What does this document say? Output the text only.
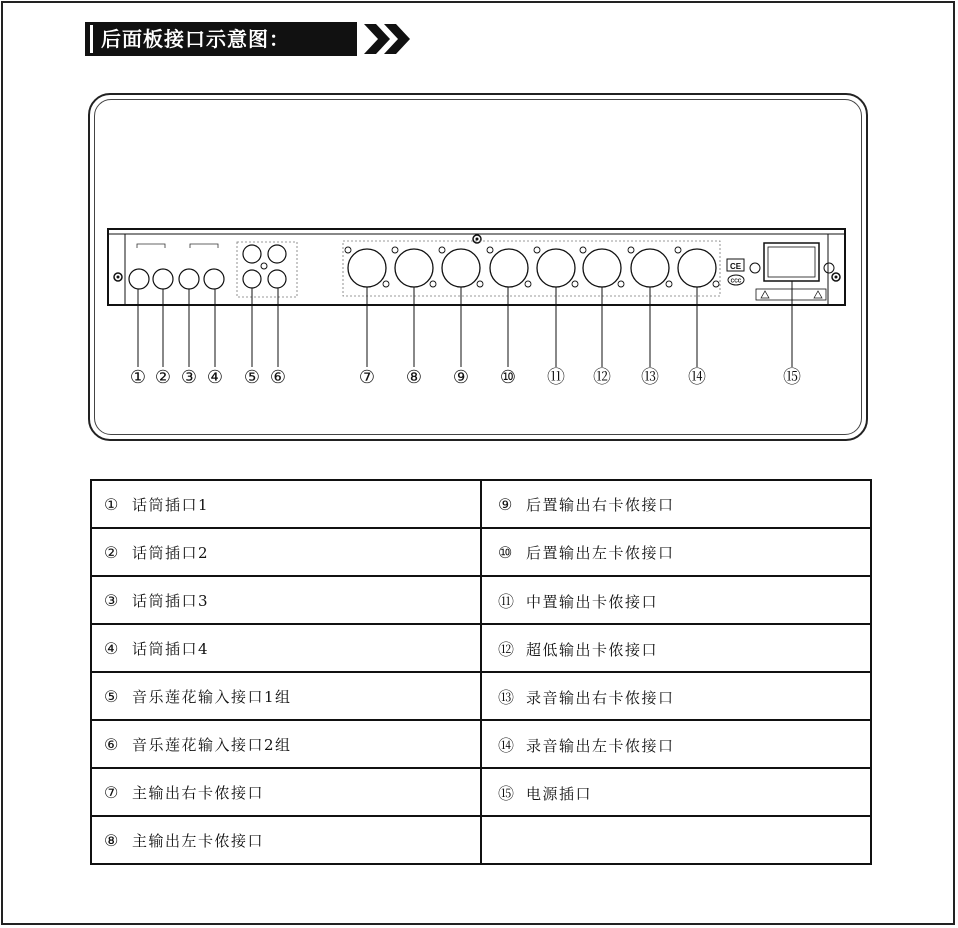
后面板接口示意图：
CE
CCC
① ② ③ ④ ⑤ ⑥	⑦ ⑧ ⑨ ⑩ ⑪ ⑫ ⑬ ⑭	⑮
① 话筒插口1	⑨ 后置输出右卡侬接口
② 话筒插口2	⑩ 后置输出左卡侬接口
③ 话筒插口3	⑪ 中置输出卡侬接口
④ 话筒插口4	⑫ 超低输出卡侬接口
⑤ 音乐莲花输入接口1组	⑬ 录音输出右卡侬接口
⑥ 音乐莲花输入接口2组	⑭ 录音输出左卡侬接口
⑦ 主输出右卡侬接口	⑮ 电源插口
⑧ 主输出左卡侬接口	
